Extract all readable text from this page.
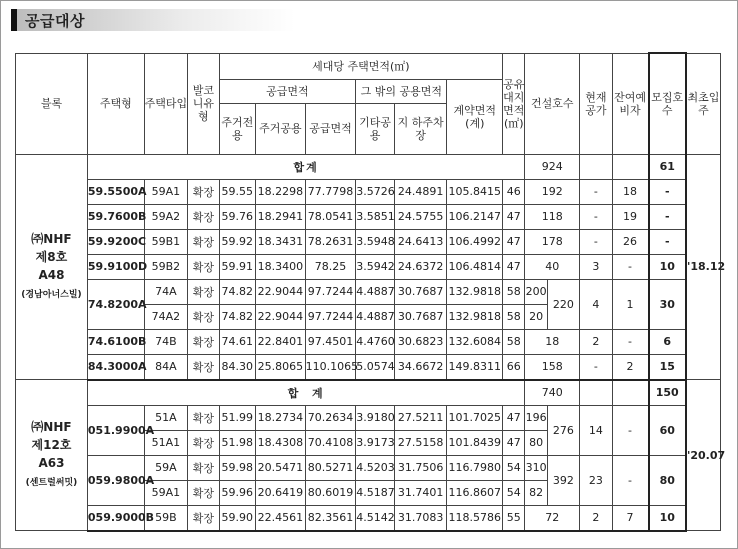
공급대상
블록	주택형	주택타입	발코니유형	세대당 주택면적(㎡)						공유대지면적(㎡)	건설호수		현재공가	잔여예비자	모집호수	최초입주
				공급면적			그 밖의 공용면적		계약면적(계)							
				주거전용	주거공용	공급면적	기타공용	지 하주차장								

㈜NHF
제8호
A48
(경남아너스빌)	합계										924				61	'18.12
	59.5500A	59A1	확장	59.55	18.2298	77.7798	3.5726	24.4891	105.8415	46	192		-	18	-	
	59.7600B	59A2	확장	59.76	18.2941	78.0541	3.5851	24.5755	106.2147	47	118		-	19	-	
	59.9200C	59B1	확장	59.92	18.3431	78.2631	3.5948	24.6413	106.4992	47	178		-	26	-	
	59.9100D	59B2	확장	59.91	18.3400	78.25	3.5942	24.6372	106.4814	47	40		3	-	10	
	74.8200A	74A	확장	74.82	22.9044	97.7244	4.4887	30.7687	132.9818	58	200	220	4	1	30	
		74A2	확장	74.82	22.9044	97.7244	4.4887	30.7687	132.9818	58	20					
	74.6100B	74B	확장	74.61	22.8401	97.4501	4.4760	30.6823	132.6084	58	18		2	-	6	
	84.3000A	84A	확장	84.30	25.8065	110.1065	5.0574	34.6672	149.8311	66	158		-	2	15	

㈜NHF
제12호
A63
(센트럴써밋)	합  계										740				150	'20.07
	051.9900A	51A	확장	51.99	18.2734	70.2634	3.9180	27.5211	101.7025	47	196	276	14	-	60	
		51A1	확장	51.98	18.4308	70.4108	3.9173	27.5158	101.8439	47	80					
	059.9800A	59A	확장	59.98	20.5471	80.5271	4.5203	31.7506	116.7980	54	310	392	23	-	80	
		59A1	확장	59.96	20.6419	80.6019	4.5187	31.7401	116.8607	54	82					
	059.9000B	59B	확장	59.90	22.4561	82.3561	4.5142	31.7083	118.5786	55	72		2	7	10	
